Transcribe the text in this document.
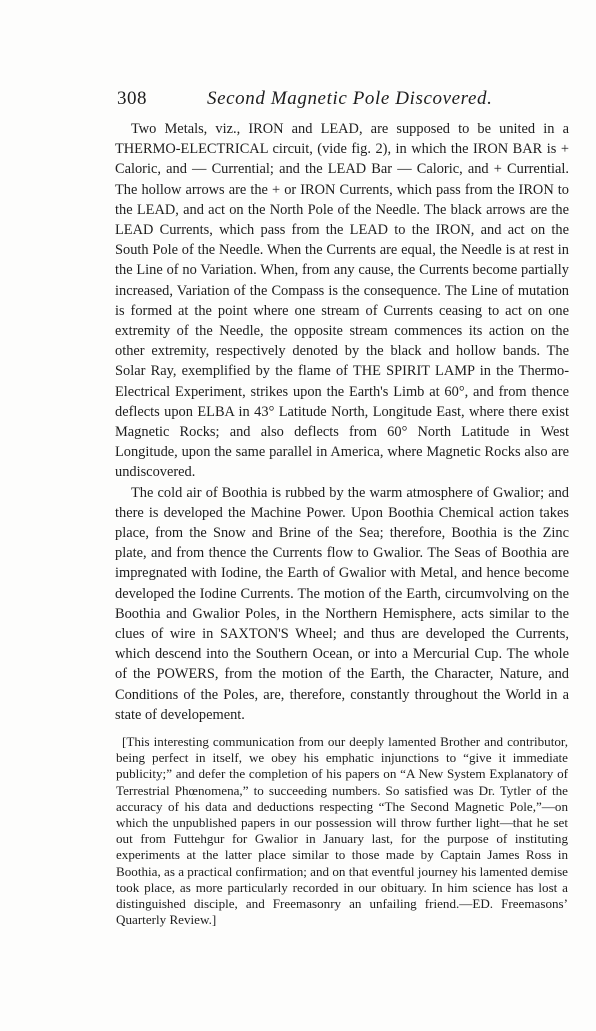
308	Second Magnetic Pole Discovered.

Two Metals, viz., IRON and LEAD, are supposed to be united in a THERMO-ELECTRICAL circuit, (vide fig. 2), in which the IRON BAR is + Caloric, and — Currential; and the LEAD Bar — Caloric, and + Currential. The hollow arrows are the + or IRON Currents, which pass from the IRON to the LEAD, and act on the North Pole of the Needle. The black arrows are the LEAD Currents, which pass from the LEAD to the IRON, and act on the South Pole of the Needle. When the Currents are equal, the Needle is at rest in the Line of no Variation. When, from any cause, the Currents become partially increased, Variation of the Compass is the consequence. The Line of mutation is formed at the point where one stream of Currents ceasing to act on one extremity of the Needle, the opposite stream commences its action on the other extremity, respectively denoted by the black and hollow bands. The Solar Ray, exemplified by the flame of THE SPIRIT LAMP in the Thermo-Electrical Experiment, strikes upon the Earth's Limb at 60°, and from thence deflects upon ELBA in 43° Latitude North, Longitude East, where there exist Magnetic Rocks; and also deflects from 60° North Latitude in West Longitude, upon the same parallel in America, where Magnetic Rocks also are undiscovered.

The cold air of Boothia is rubbed by the warm atmosphere of Gwalior; and there is developed the Machine Power. Upon Boothia Chemical action takes place, from the Snow and Brine of the Sea; therefore, Boothia is the Zinc plate, and from thence the Currents flow to Gwalior. The Seas of Boothia are impregnated with Iodine, the Earth of Gwalior with Metal, and hence become developed the Iodine Currents. The motion of the Earth, circumvolving on the Boothia and Gwalior Poles, in the Northern Hemisphere, acts similar to the clues of wire in SAXTON'S Wheel; and thus are developed the Currents, which descend into the Southern Ocean, or into a Mercurial Cup. The whole of the POWERS, from the motion of the Earth, the Character, Nature, and Conditions of the Poles, are, therefore, constantly throughout the World in a state of developement.

[This interesting communication from our deeply lamented Brother and contributor, being perfect in itself, we obey his emphatic injunctions to “give it immediate publicity;” and defer the completion of his papers on “A New System Explanatory of Terrestrial Phœnomena,” to succeeding numbers. So satisfied was Dr. Tytler of the accuracy of his data and deductions respecting “The Second Magnetic Pole,”—on which the unpublished papers in our possession will throw further light—that he set out from Futtehgur for Gwalior in January last, for the purpose of instituting experiments at the latter place similar to those made by Captain James Ross in Boothia, as a practical confirmation; and on that eventful journey his lamented demise took place, as more particularly recorded in our obituary. In him science has lost a distinguished disciple, and Freemasonry an unfailing friend.—ED. Freemasons’ Quarterly Review.]
